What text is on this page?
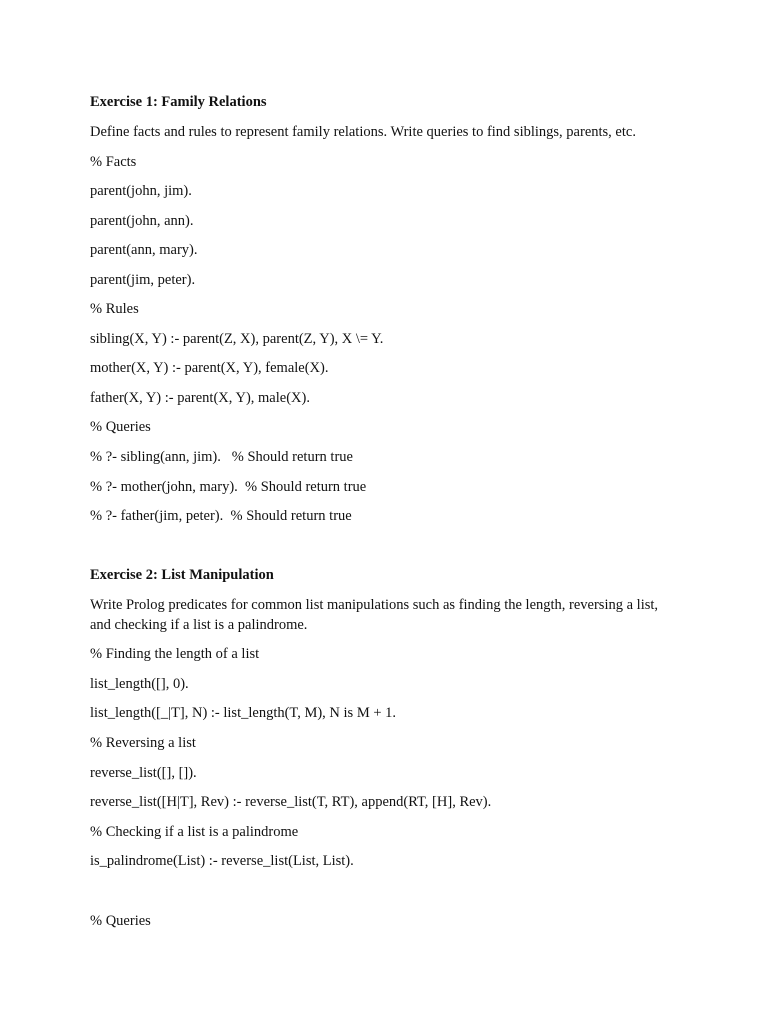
Exercise 1: Family Relations
Define facts and rules to represent family relations. Write queries to find siblings, parents, etc.
% Facts
parent(john, jim).
parent(john, ann).
parent(ann, mary).
parent(jim, peter).
% Rules
sibling(X, Y) :- parent(Z, X), parent(Z, Y), X \= Y.
mother(X, Y) :- parent(X, Y), female(X).
father(X, Y) :- parent(X, Y), male(X).
% Queries
% ?- sibling(ann, jim).   % Should return true
% ?- mother(john, mary).  % Should return true
% ?- father(jim, peter).  % Should return true
Exercise 2: List Manipulation
Write Prolog predicates for common list manipulations such as finding the length, reversing a list, and checking if a list is a palindrome.
% Finding the length of a list
list_length([], 0).
list_length([_|T], N) :- list_length(T, M), N is M + 1.
% Reversing a list
reverse_list([], []).
reverse_list([H|T], Rev) :- reverse_list(T, RT), append(RT, [H], Rev).
% Checking if a list is a palindrome
is_palindrome(List) :- reverse_list(List, List).
% Queries
